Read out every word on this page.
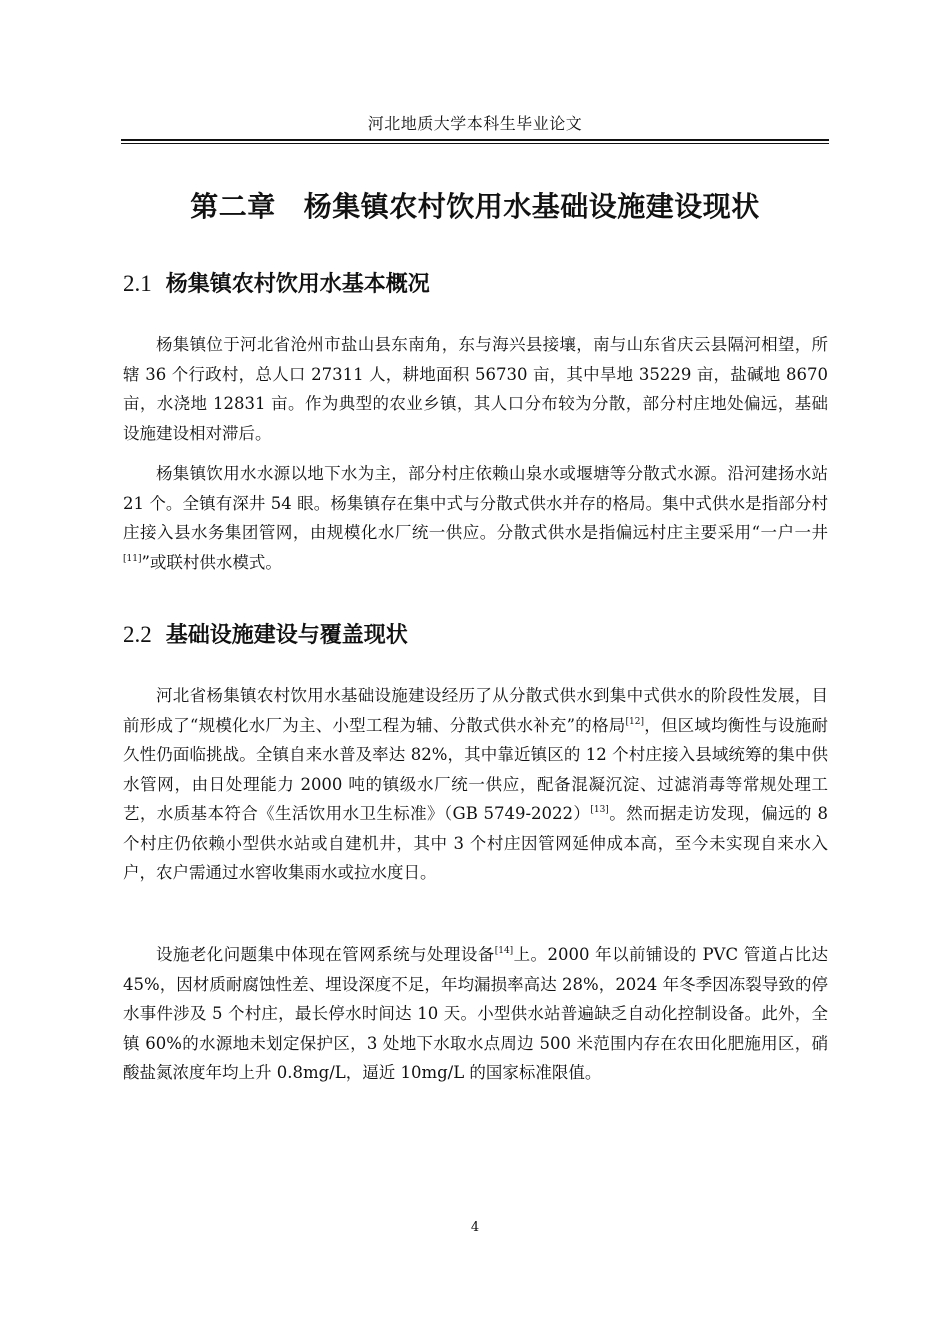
河北地质大学本科生毕业论文
第二章 杨集镇农村饮用水基础设施建设现状
2.1 杨集镇农村饮用水基本概况

杨集镇位于河北省沧州市盐山县东南角，东与海兴县接壤，南与山东省庆云县隔河相望，所辖 36 个行政村，总人口 27311 人，耕地面积 56730 亩，其中旱地 35229 亩，盐碱地 8670 亩，水浇地 12831 亩。作为典型的农业乡镇，其人口分布较为分散，部分村庄地处偏远，基础设施建设相对滞后。

杨集镇饮用水水源以地下水为主，部分村庄依赖山泉水或堰塘等分散式水源。沿河建扬水站 21 个。全镇有深井 54 眼。杨集镇存在集中式与分散式供水并存的格局。集中式供水是指部分村庄接入县水务集团管网，由规模化水厂统一供应。分散式供水是指偏远村庄主要采用“一户一井[11]”或联村供水模式。

2.2 基础设施建设与覆盖现状

河北省杨集镇农村饮用水基础设施建设经历了从分散式供水到集中式供水的阶段性发展，目前形成了“规模化水厂为主、小型工程为辅、分散式供水补充”的格局[12]，但区域均衡性与设施耐久性仍面临挑战。全镇自来水普及率达 82%，其中靠近镇区的 12 个村庄接入县域统筹的集中供水管网，由日处理能力 2000 吨的镇级水厂统一供应，配备混凝沉淀、过滤消毒等常规处理工艺，水质基本符合《生活饮用水卫生标准》（GB 5749-2022）[13]。然而据走访发现，偏远的 8 个村庄仍依赖小型供水站或自建机井，其中 3 个村庄因管网延伸成本高，至今未实现自来水入户，农户需通过水窖收集雨水或拉水度日。

设施老化问题集中体现在管网系统与处理设备[14]上。2000 年以前铺设的 PVC 管道占比达 45%，因材质耐腐蚀性差、埋设深度不足，年均漏损率高达 28%，2024 年冬季因冻裂导致的停水事件涉及 5 个村庄，最长停水时间达 10 天。小型供水站普遍缺乏自动化控制设备。此外，全镇 60%的水源地未划定保护区，3 处地下水取水点周边 500 米范围内存在农田化肥施用区，硝酸盐氮浓度年均上升 0.8mg/L，逼近 10mg/L 的国家标准限值。

4
